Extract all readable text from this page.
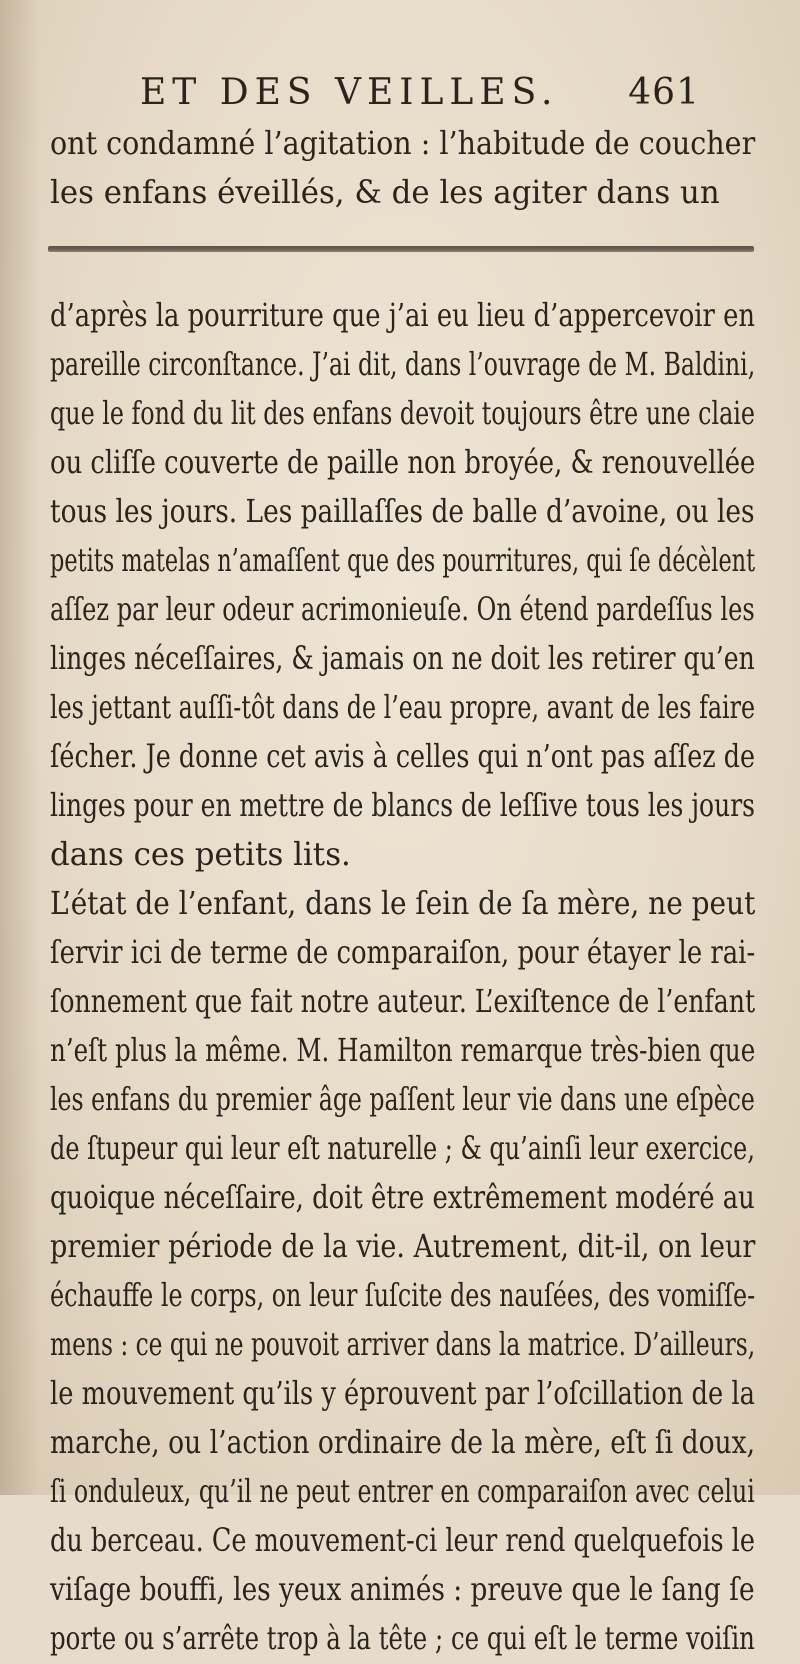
ET DES VEILLES. 461
ont condamné l’agitation : l’habitude de coucher
les enfans éveillés, & de les agiter dans un
d’après la pourriture que j’ai eu lieu d’appercevoir en
pareille circonſtance. J’ai dit, dans l’ouvrage de M. Baldini,
que le fond du lit des enfans devoit toujours être une claie
ou cliſſe couverte de paille non broyée, & renouvellée
tous les jours. Les paillaſſes de balle d’avoine, ou les
petits matelas n’amaſſent que des pourritures, qui ſe décèlent
aſſez par leur odeur acrimonieuſe. On étend pardeſſus les
linges néceſſaires, & jamais on ne doit les retirer qu’en
les jettant auſſi-tôt dans de l’eau propre, avant de les faire
ſécher. Je donne cet avis à celles qui n’ont pas aſſez de
linges pour en mettre de blancs de leſſive tous les jours
dans ces petits lits.
L’état de l’enfant, dans le ſein de ſa mère, ne peut
ſervir ici de terme de comparaiſon, pour étayer le rai-
ſonnement que fait notre auteur. L’exiſtence de l’enfant
n’eſt plus la même. M. Hamilton remarque très-bien que
les enfans du premier âge paſſent leur vie dans une eſpèce
de ſtupeur qui leur eſt naturelle ; & qu’ainſi leur exercice,
quoique néceſſaire, doit être extrêmement modéré au
premier période de la vie. Autrement, dit-il, on leur
échauffe le corps, on leur ſuſcite des nauſées, des vomiſſe-
mens : ce qui ne pouvoit arriver dans la matrice. D’ailleurs,
le mouvement qu’ils y éprouvent par l’oſcillation de la
marche, ou l’action ordinaire de la mère, eſt ſi doux,
ſi onduleux, qu’il ne peut entrer en comparaiſon avec celui
du berceau. Ce mouvement-ci leur rend quelquefois le
viſage bouffi, les yeux animés : preuve que le ſang ſe
porte ou s’arrête trop à la tête ; ce qui eſt le terme voiſin
